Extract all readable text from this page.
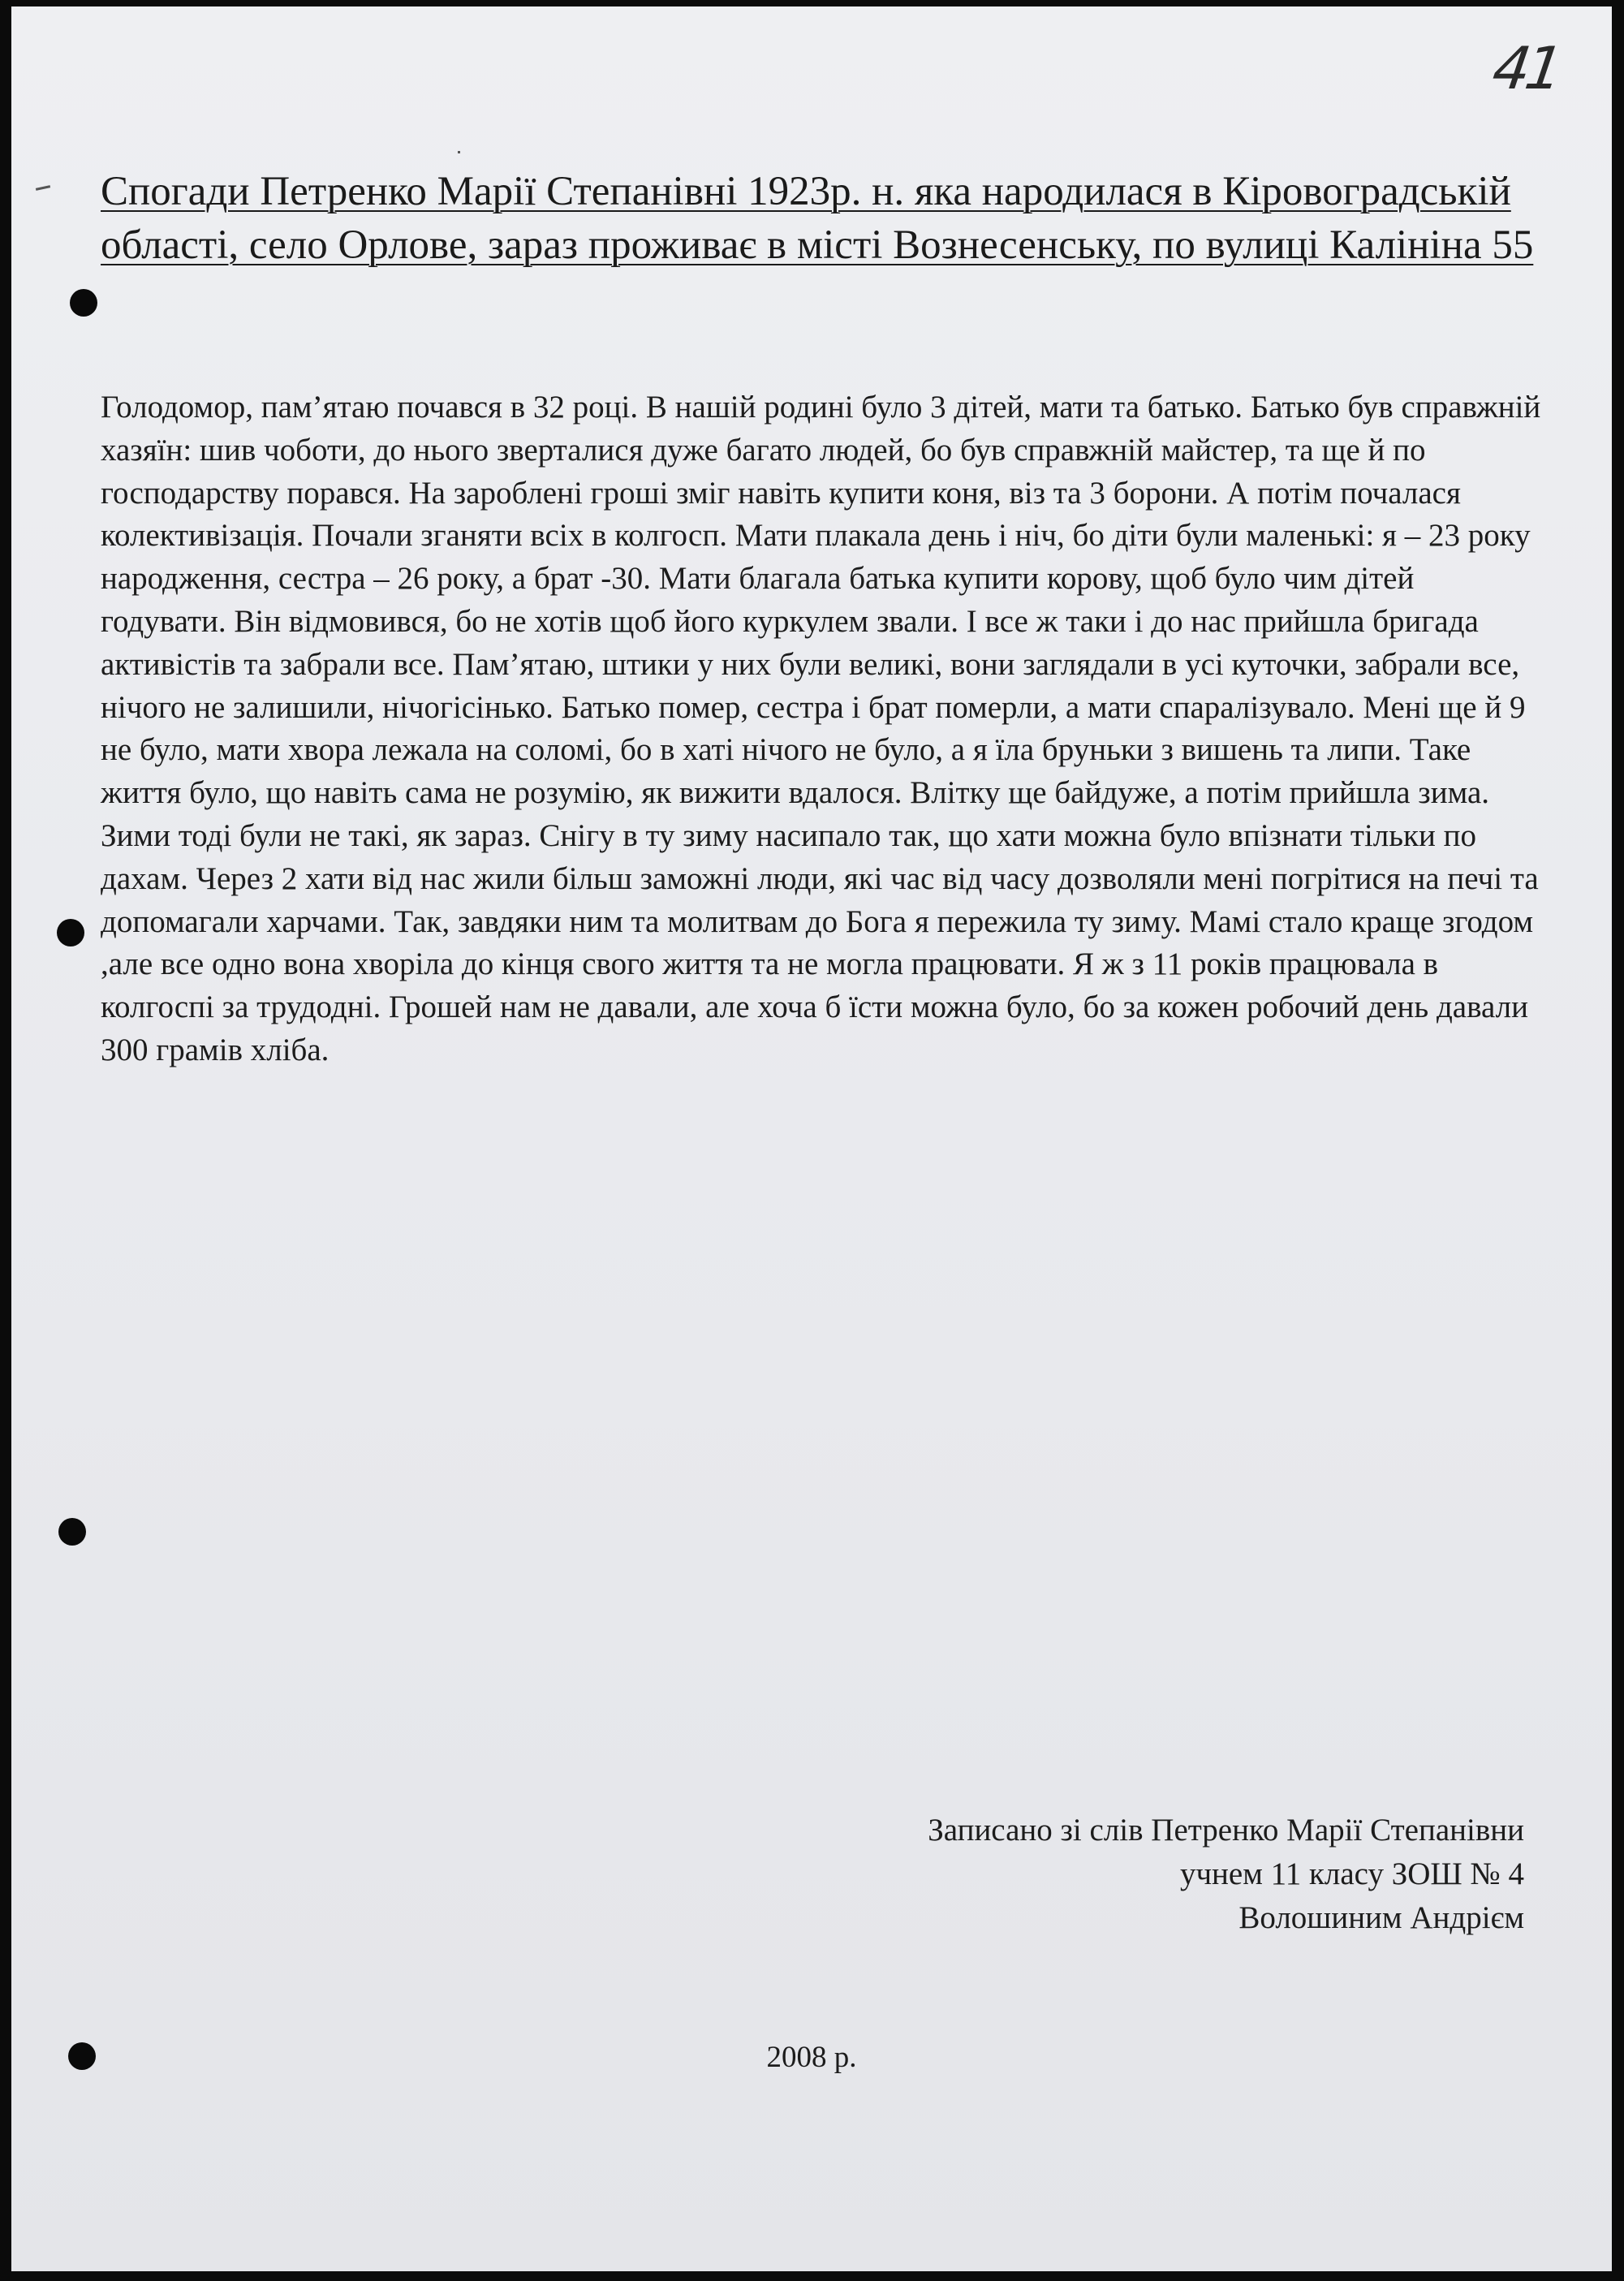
41
Спогади Петренко Марії Степанівні 1923р. н. яка народилася в Кіровоградській області, село Орлове, зараз проживає в місті Вознесенську, по вулиці Калініна 55

Голодомор, пам’ятаю почався в 32 році. В нашій родині було 3 дітей, мати та батько. Батько був справжній хазяїн: шив чоботи, до нього зверталися дуже багато людей, бо був справжній майстер, та ще й по господарству порався. На зароблені гроші зміг навіть купити коня, віз та 3 борони. А потім почалася колективізація. Почали зганяти всіх в колгосп. Мати плакала день і ніч, бо діти були маленькі: я – 23 року народження, сестра – 26 року, а брат -30. Мати благала батька купити корову, щоб було чим дітей годувати. Він відмовився, бо не хотів щоб його куркулем звали. І все ж таки і до нас прийшла бригада активістів та забрали все. Пам’ятаю, штики у них були великі, вони заглядали в усі куточки, забрали все, нічого не залишили, нічогісінько. Батько помер, сестра і брат померли, а мати спаралізувало. Мені ще й 9 не було, мати хвора лежала на соломі, бо в хаті нічого не було, а я їла бруньки з вишень та липи. Таке життя було, що навіть сама не розумію, як вижити вдалося. Влітку ще байдуже, а потім прийшла зима. Зими тоді були не такі, як зараз. Снігу в ту зиму насипало так, що хати можна було впізнати тільки по дахам. Через 2 хати від нас жили більш заможні люди, які час від часу дозволяли мені погрітися на печі та допомагали харчами. Так, завдяки ним та молитвам до Бога я пережила ту зиму. Мамі стало краще згодом ,але все одно вона хворіла до кінця свого життя та не могла працювати. Я ж з 11 років працювала в колгоспі за трудодні. Грошей нам не давали, але хоча б їсти можна було, бо за кожен робочий день давали 300 грамів хліба.

Записано зі слів Петренко Марії Степанівни
учнем 11 класу ЗОШ № 4
Волошиним Андрієм
2008 р.
